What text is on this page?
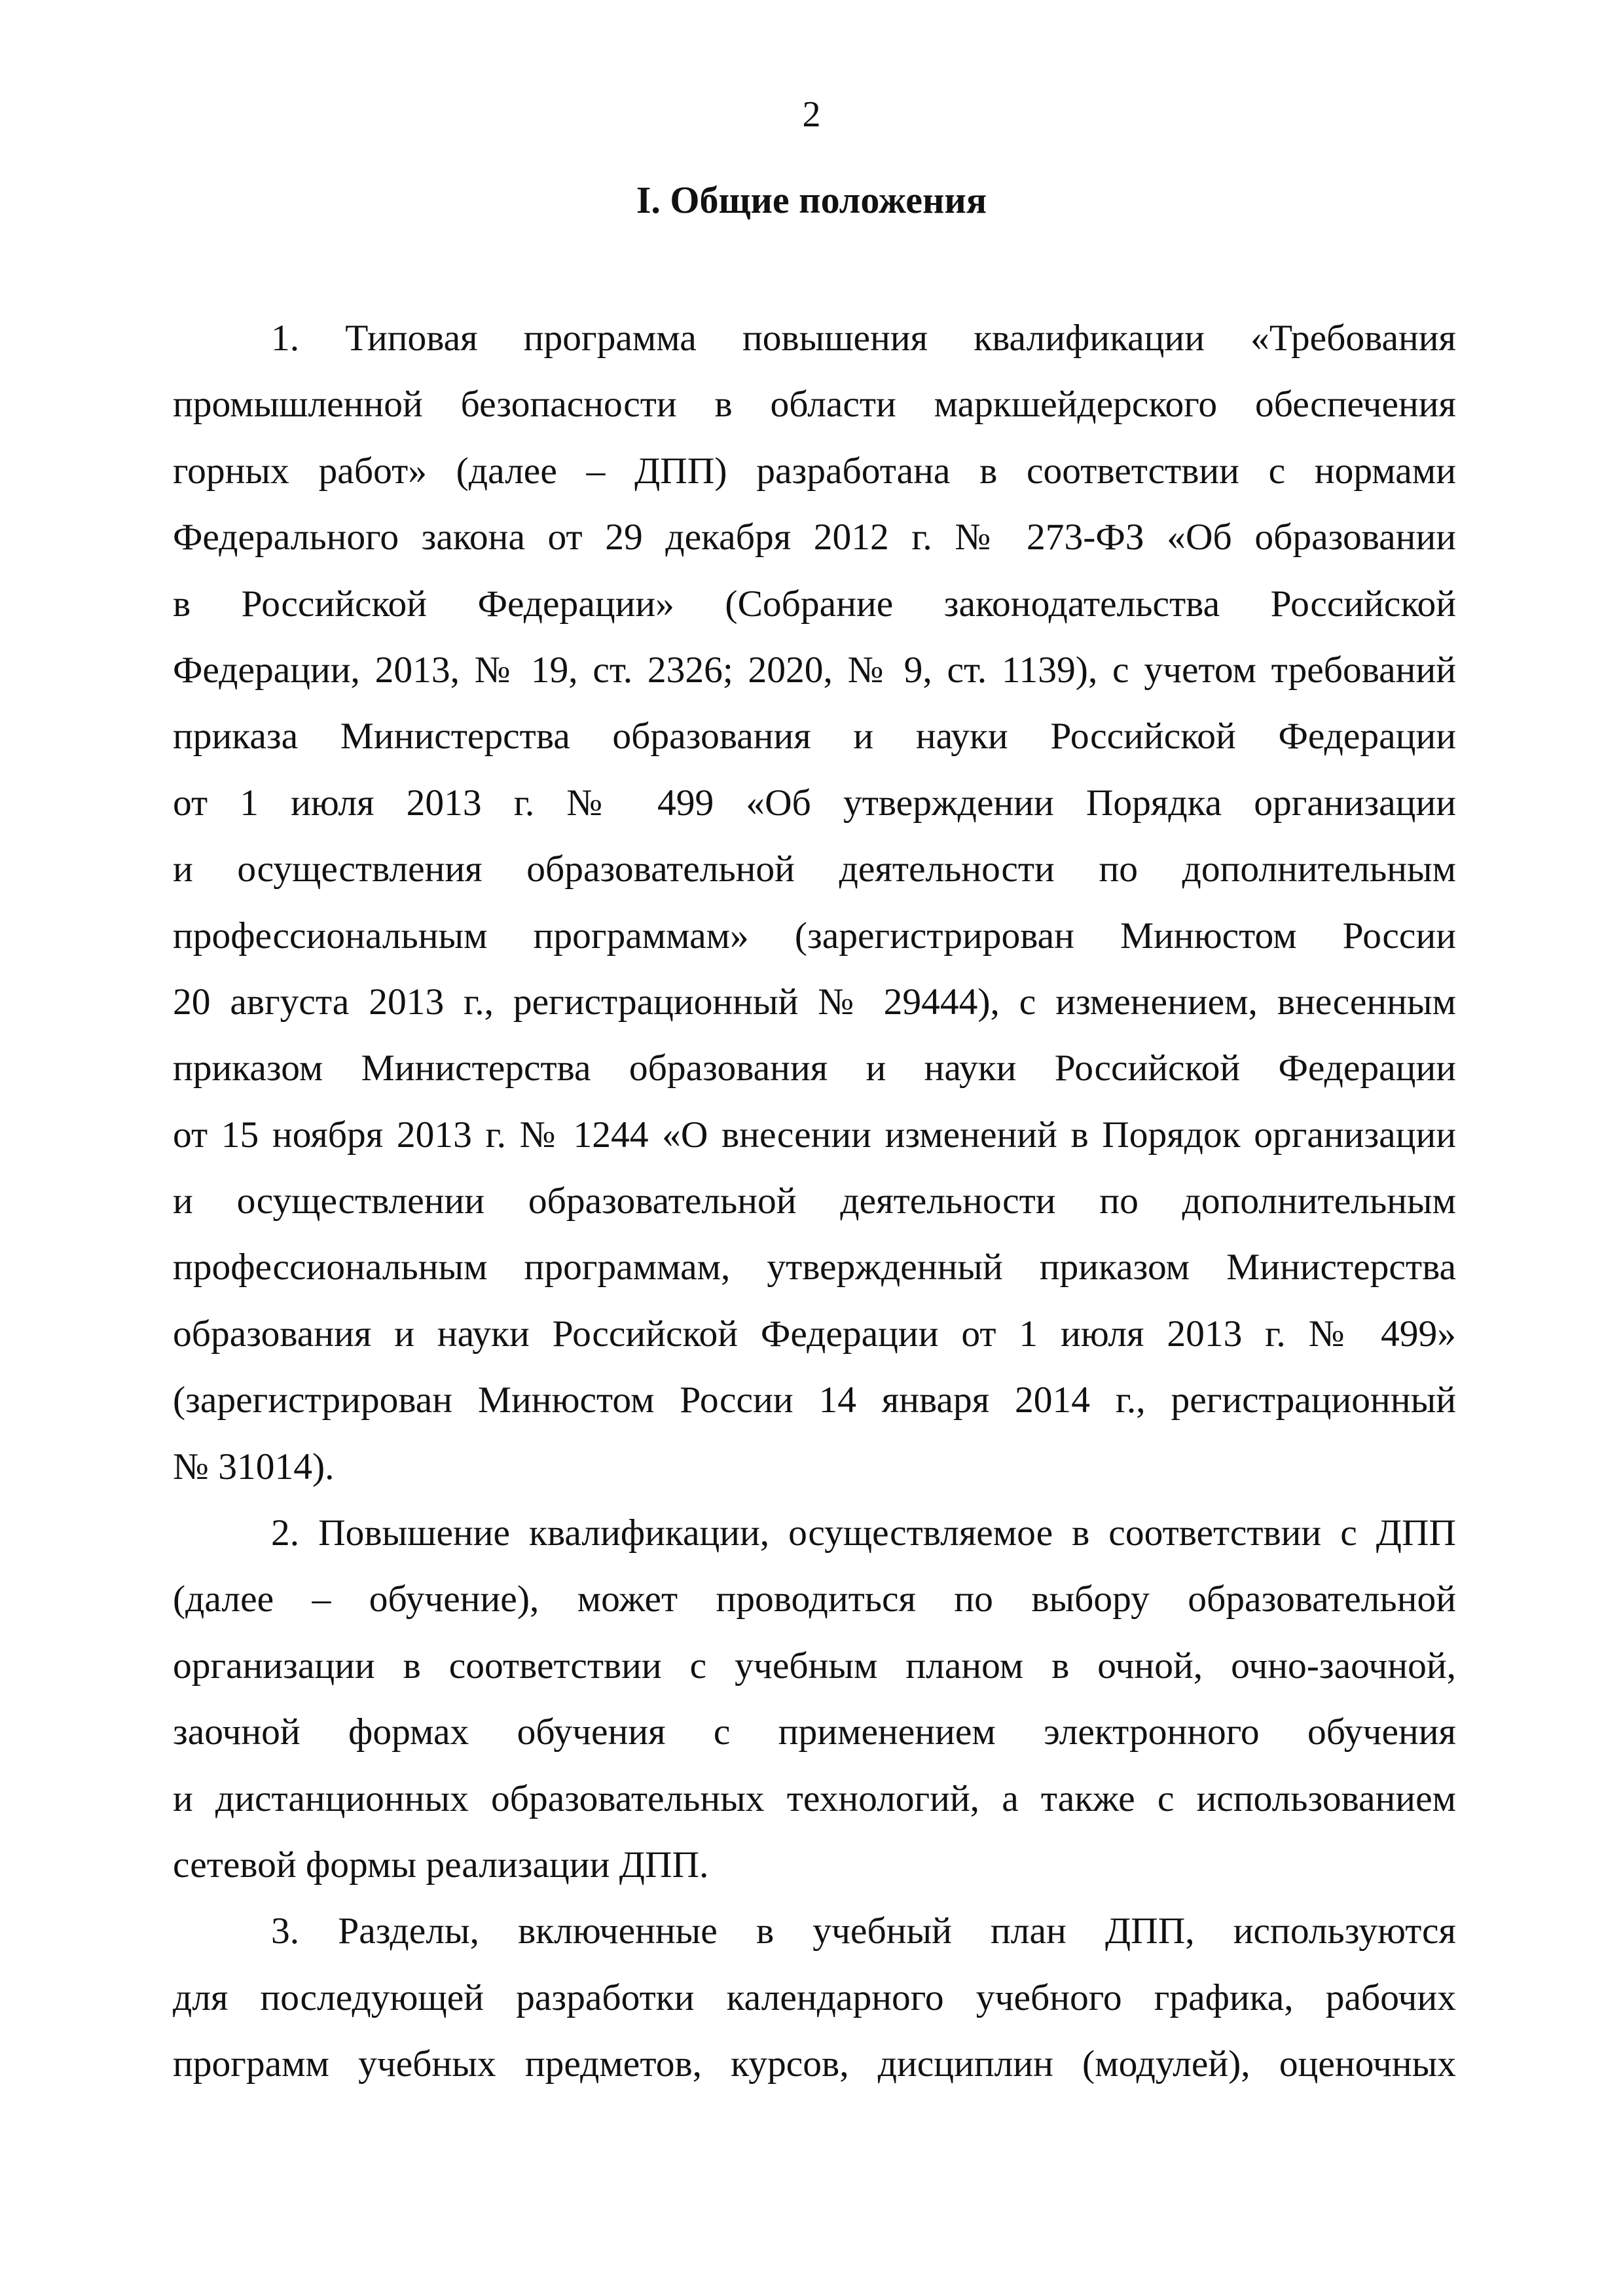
2
I. Общие положения
1. Типовая программа повышения квалификации «Требования
промышленной безопасности в области маркшейдерского обеспечения
горных работ» (далее – ДПП) разработана в соответствии с нормами
Федерального закона от 29 декабря 2012 г. № 273-ФЗ «Об образовании
в Российской Федерации» (Собрание законодательства Российской
Федерации, 2013, № 19, ст. 2326; 2020, № 9, ст. 1139), с учетом требований
приказа Министерства образования и науки Российской Федерации
от 1 июля 2013 г. № 499 «Об утверждении Порядка организации
и осуществления образовательной деятельности по дополнительным
профессиональным программам» (зарегистрирован Минюстом России
20 августа 2013 г., регистрационный № 29444), с изменением, внесенным
приказом Министерства образования и науки Российской Федерации
от 15 ноября 2013 г. № 1244 «О внесении изменений в Порядок организации
и осуществлении образовательной деятельности по дополнительным
профессиональным программам, утвержденный приказом Министерства
образования и науки Российской Федерации от 1 июля 2013 г. № 499»
(зарегистрирован Минюстом России 14 января 2014 г., регистрационный
№ 31014).
2. Повышение квалификации, осуществляемое в соответствии с ДПП
(далее – обучение), может проводиться по выбору образовательной
организации в соответствии с учебным планом в очной, очно-заочной,
заочной формах обучения с применением электронного обучения
и дистанционных образовательных технологий, а также с использованием
сетевой формы реализации ДПП.
3. Разделы, включенные в учебный план ДПП, используются
для последующей разработки календарного учебного графика, рабочих
программ учебных предметов, курсов, дисциплин (модулей), оценочных
